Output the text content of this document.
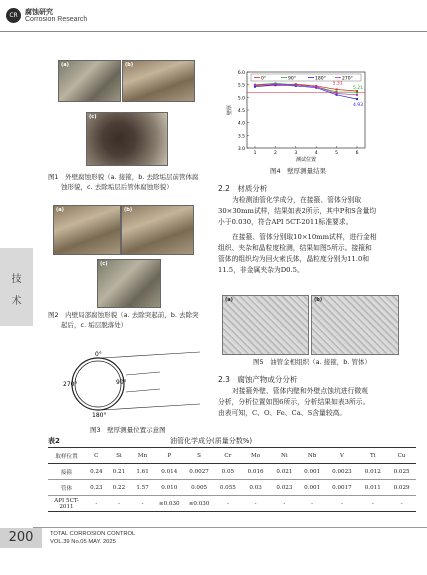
CR	腐蚀研究
Corrosion Research
技
术
(a)	(b)
(c)
图1　外壁腐蚀形貌（a. 接箍，b. 去除垢层前管体腐
　　蚀形貌，c. 去除垢层后管体腐蚀形貌）
(a)	(b)
(c)
图2　内壁局部腐蚀形貌（a. 去除突起前，b. 去除突
　　起后，c. 垢层脱落处）
0°
90°
180°
270°
图3　壁厚测量位置示意图
6.0
5.5
5.0
4.5
4.0
3.5
3.0
1	2	3	4	5	6
0°	90°	180°	270°
5.31
5.21
4.93
壁厚
测试位置
图4　壁厚测量结果
2.2　材质分析
为检测油管化学成分，在接箍、管体分别取
30×30mm试样，结果如表2所示，其中P和S含量均
小于0.030，符合API 5CT-2011标准要求。
在接箍、管体分别取10×10mm试样，进行金相
组织、夹杂和晶粒度检测，结果如图5所示。接箍和
管体的组织均为回火索氏体，晶粒度分别为11.0和
11.5，非金属夹杂为D0.5。
(a)	(b)
图5　油管金相组织（a. 接箍，b. 管体）
2.3　腐蚀产物成分分析
对接箍外壁、管体内壁和外壁点蚀坑进行微观
分析，分析位置如图6所示，分析结果如表3所示。
由表可知，C、O、Fe、Ca、S含量较高。
表2	油管化学成分(质量分数%)
取样位置	C	Si	Mn	P	S	Cr	Mo	Ni	Nb	V	Ti	Cu
接箍	0.24	0.21	1.61	0.014	0.0027	0.05	0.016	0.021	0.001	0.0023	0.012	0.025
管体	0.23	0.22	1.57	0.010	0.005	0.055	0.03	0.023	0.001	0.0017	0.011	0.029
API 5CT-2011	-	-	-	≤0.030	≤0.030	-	-	-	-	-	-	-
200	TOTAL CORROSION CONTROL
VOL.39 No.05 MAY. 2025
